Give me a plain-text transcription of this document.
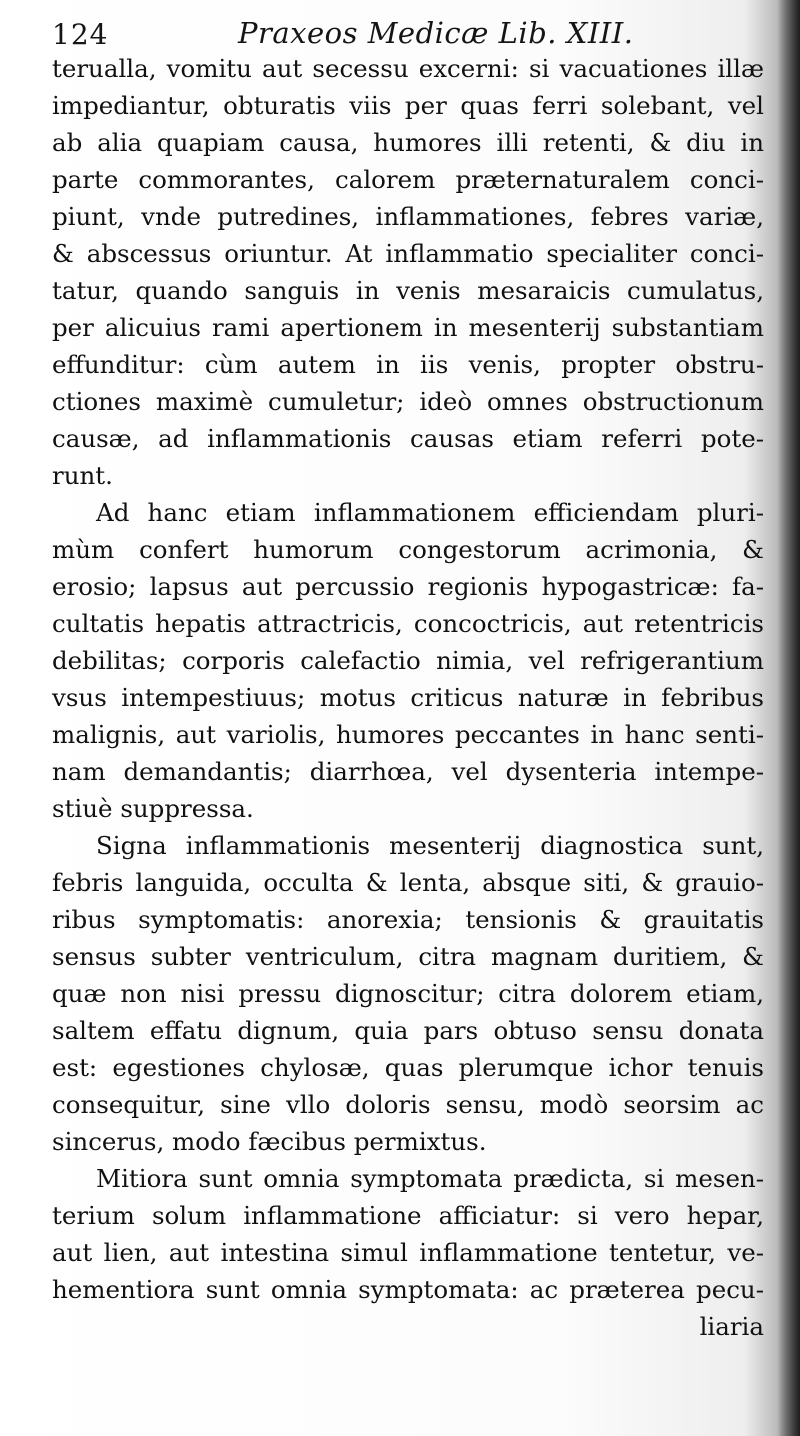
124	Praxeos Medicæ Lib. XIII.
terualla, vomitu aut secessu excerni: si vacuationes illæ
impediantur, obturatis viis per quas ferri solebant, vel
ab alia quapiam causa, humores illi retenti, & diu in
parte commorantes, calorem præternaturalem conci-
piunt, vnde putredines, inflammationes, febres variæ,
& abscessus oriuntur. At inflammatio specialiter conci-
tatur, quando sanguis in venis mesaraicis cumulatus,
per alicuius rami apertionem in mesenterij substantiam
effunditur: cùm autem in iis venis, propter obstru-
ctiones maximè cumuletur; ideò omnes obstructionum
causæ, ad inflammationis causas etiam referri pote-
runt.
Ad hanc etiam inflammationem efficiendam pluri-
mùm confert humorum congestorum acrimonia, &
erosio; lapsus aut percussio regionis hypogastricæ: fa-
cultatis hepatis attractricis, concoctricis, aut retentricis
debilitas; corporis calefactio nimia, vel refrigerantium
vsus intempestiuus; motus criticus naturæ in febribus
malignis, aut variolis, humores peccantes in hanc senti-
nam demandantis; diarrhœa, vel dysenteria intempe-
stiuè suppressa.
Signa inflammationis mesenterij diagnostica sunt,
febris languida, occulta & lenta, absque siti, & grauio-
ribus symptomatis: anorexia; tensionis & grauitatis
sensus subter ventriculum, citra magnam duritiem, &
quæ non nisi pressu dignoscitur; citra dolorem etiam,
saltem effatu dignum, quia pars obtuso sensu donata
est: egestiones chylosæ, quas plerumque ichor tenuis
consequitur, sine vllo doloris sensu, modò seorsim ac
sincerus, modo fæcibus permixtus.
Mitiora sunt omnia symptomata prædicta, si mesen-
terium solum inflammatione afficiatur: si vero hepar,
aut lien, aut intestina simul inflammatione tentetur, ve-
hementiora sunt omnia symptomata: ac præterea pecu-
liaria
